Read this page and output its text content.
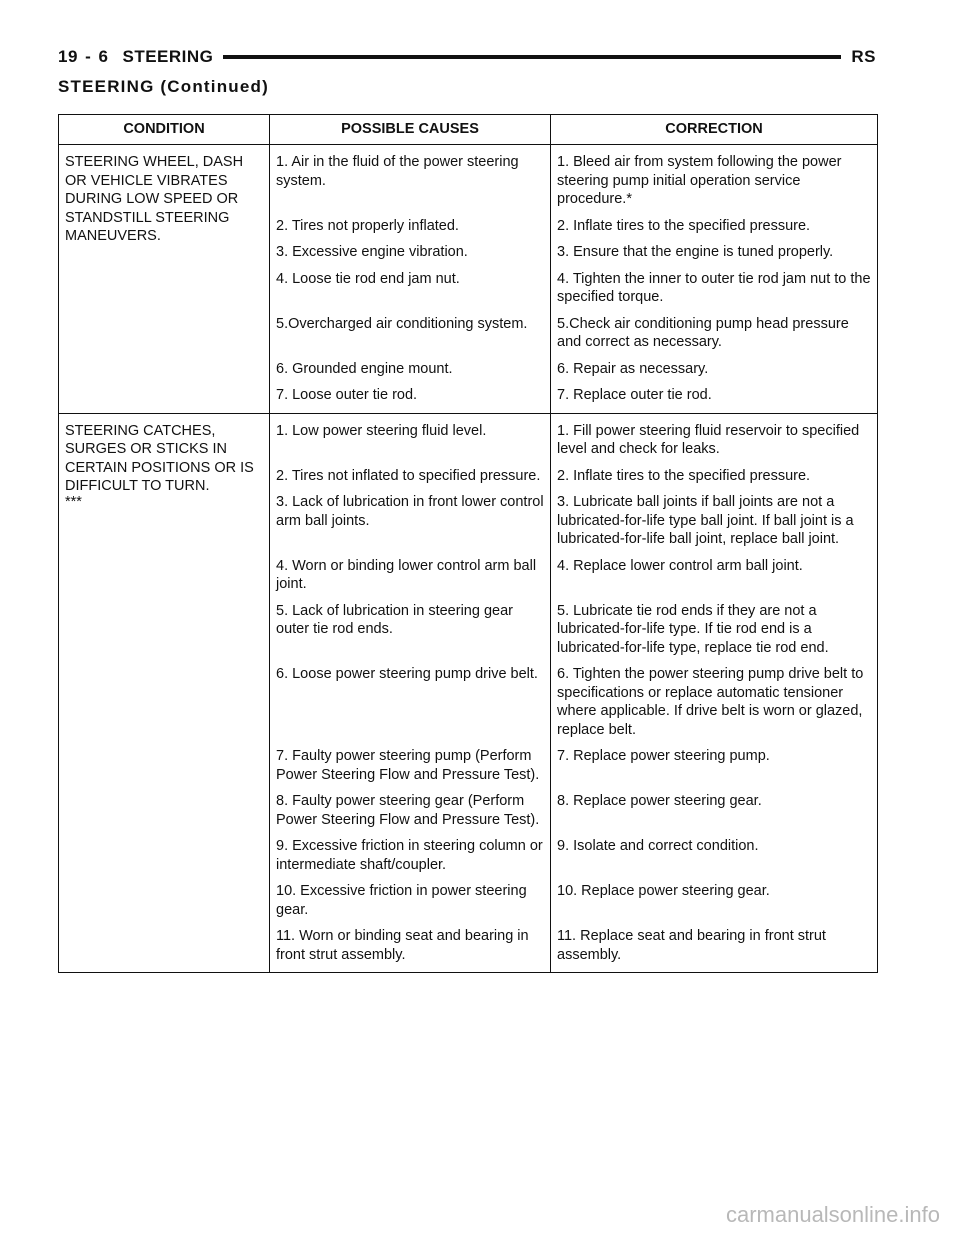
19 - 6 STEERING	RS
STEERING (Continued)
CONDITION	POSSIBLE CAUSES	CORRECTION

STEERING WHEEL, DASH OR VEHICLE VIBRATES DURING LOW SPEED OR STANDSTILL STEERING MANEUVERS.	1. Air in the fluid of the power steering system.	1. Bleed air from system following the power steering pump initial operation service procedure.*
	2. Tires not properly inflated.	2. Inflate tires to the specified pressure.
	3. Excessive engine vibration.	3. Ensure that the engine is tuned properly.
	4. Loose tie rod end jam nut.	4. Tighten the inner to outer tie rod jam nut to the specified torque.
	5.Overcharged air conditioning system.	5.Check air conditioning pump head pressure and correct as necessary.
	6. Grounded engine mount.	6. Repair as necessary.
	7. Loose outer tie rod.	7. Replace outer tie rod.

STEERING CATCHES, SURGES OR STICKS IN CERTAIN POSITIONS OR IS DIFFICULT TO TURN.
***	1. Low power steering fluid level.	1. Fill power steering fluid reservoir to specified level and check for leaks.
	2. Tires not inflated to specified pressure.	2. Inflate tires to the specified pressure.
	3. Lack of lubrication in front lower control arm ball joints.	3. Lubricate ball joints if ball joints are not a lubricated-for-life type ball joint. If ball joint is a lubricated-for-life ball joint, replace ball joint.
	4. Worn or binding lower control arm ball joint.	4. Replace lower control arm ball joint.
	5. Lack of lubrication in steering gear outer tie rod ends.	5. Lubricate tie rod ends if they are not a lubricated-for-life type. If tie rod end is a lubricated-for-life type, replace tie rod end.
	6. Loose power steering pump drive belt.	6. Tighten the power steering pump drive belt to specifications or replace automatic tensioner where applicable. If drive belt is worn or glazed, replace belt.
	7. Faulty power steering pump (Perform Power Steering Flow and Pressure Test).	7. Replace power steering pump.
	8. Faulty power steering gear (Perform Power Steering Flow and Pressure Test).	8. Replace power steering gear.
	9. Excessive friction in steering column or intermediate shaft/coupler.	9. Isolate and correct condition.
	10. Excessive friction in power steering gear.	10. Replace power steering gear.
	11. Worn or binding seat and bearing in front strut assembly.	11. Replace seat and bearing in front strut assembly.
carmanualsonline.info
